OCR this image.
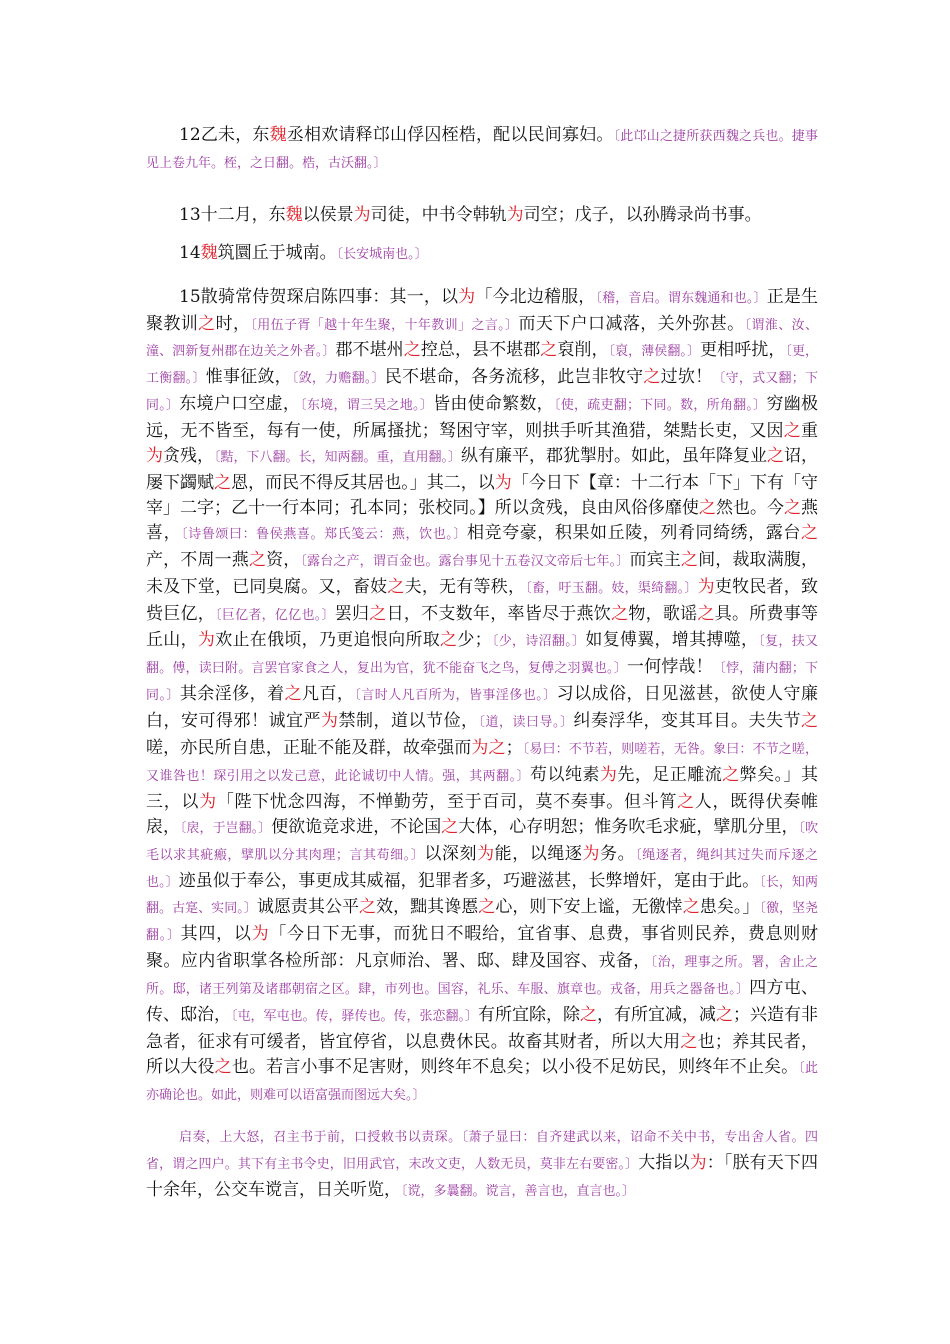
12乙未，东魏丞相欢请释邙山俘囚桎梏，配以民间寡妇。〔此邙山之捷所获西魏之兵也。捷事见上卷九年。桎，之日翻。梏，古沃翻。〕

13十二月，东魏以侯景为司徒，中书令韩轨为司空；戊子，以孙腾录尚书事。

14魏筑圜丘于城南。〔长安城南也。〕

15散骑常侍贺琛启陈四事：其一，以为「今北边稽服，〔稽，音启。谓东魏通和也。〕正是生聚教训之时，〔用伍子胥「越十年生聚，十年教训」之言。〕而天下户口减落，关外弥甚。〔谓淮、汝、潼、泗新复州郡在边关之外者。〕郡不堪州之控总，县不堪郡之裒削，〔裒，薄侯翻。〕更相呼扰，〔更，工衡翻。〕惟事征敛，〔敛，力赡翻。〕民不堪命，各务流移，此岂非牧守之过欤！〔守，式又翻；下同。〕东境户口空虚，〔东境，谓三吴之地。〕皆由使命繁数，〔使，疏吏翻；下同。数，所角翻。〕穷幽极远，无不皆至，每有一使，所属搔扰；驽困守宰，则拱手听其渔猎，桀黠长吏，又因之重为贪残，〔黠，下八翻。长，知两翻。重，直用翻。〕纵有廉平，郡犹掣肘。如此，虽年降复业之诏，屡下蠲赋之恩，而民不得反其居也。」其二，以为「今日下【章：十二行本「下」下有「守宰」二字；乙十一行本同；孔本同；张校同。】所以贪残，良由风俗侈靡使之然也。今之燕喜，〔诗鲁颂曰：鲁侯燕喜。郑氏笺云：燕，饮也。〕相竞夸豪，积果如丘陵，列肴同绮绣，露台之产，不周一燕之资，〔露台之产，谓百金也。露台事见十五卷汉文帝后七年。〕而宾主之间，裁取满腹，未及下堂，已同臭腐。又，畜妓之夫，无有等秩，〔畜，吁玉翻。妓，渠绮翻。〕为吏牧民者，致赀巨亿，〔巨亿者，亿亿也。〕罢归之日，不支数年，率皆尽于燕饮之物，歌谣之具。所费事等丘山，为欢止在俄顷，乃更追恨向所取之少；〔少，诗沼翻。〕如复傅翼，增其搏噬，〔复，扶又翻。傅，读曰附。言罢官家食之人，复出为官，犹不能奋飞之鸟，复傅之羽翼也。〕一何悖哉！〔悖，蒲内翻；下同。〕其余淫侈，着之凡百，〔言时人凡百所为，皆事淫侈也。〕习以成俗，日见滋甚，欲使人守廉白，安可得邪！诚宜严为禁制，道以节俭，〔道，读曰导。〕纠奏浮华，变其耳目。夫失节之嗟，亦民所自患，正耻不能及群，故牵强而为之；〔易曰：不节若，则嗟若，无咎。象曰：不节之嗟，又谁咎也！琛引用之以发己意，此论诚切中人情。强，其两翻。〕苟以纯素为先，足正雕流之弊矣。」其三，以为「陛下忧念四海，不惮勤劳，至于百司，莫不奏事。但斗筲之人，既得伏奏帷扆，〔扆，于岂翻。〕便欲诡竞求进，不论国之大体，心存明恕；惟务吹毛求疵，擘肌分里，〔吹毛以求其疵瘢，擘肌以分其肉理；言其苟细。〕以深刻为能，以绳逐为务。〔绳逐者，绳纠其过失而斥逐之也。〕迹虽似于奉公，事更成其威福，犯罪者多，巧避滋甚，长弊增奸，寔由于此。〔长，知两翻。古寔、实同。〕诚愿责其公平之效，黜其谗慝之心，则下安上谧，无徼悻之患矣。」〔徼，坚尧翻。〕其四，以为「今日下无事，而犹日不暇给，宜省事、息费，事省则民养，费息则财聚。应内省职掌各检所部：凡京师治、署、邸、肆及国容、戎备，〔治，理事之所。署，舍止之所。邸，诸王列第及诸郡朝宿之区。肆，市列也。国容，礼乐、车服、旗章也。戎备，用兵之器备也。〕四方屯、传、邸治，〔屯，军屯也。传，驿传也。传，张恋翻。〕有所宜除，除之，有所宜减，减之；兴造有非急者，征求有可缓者，皆宜停省，以息费休民。故畜其财者，所以大用之也；养其民者，所以大役之也。若言小事不足害财，则终年不息矣；以小役不足妨民，则终年不止矣。〔此亦确论也。如此，则难可以语富强而图远大矣。〕

启奏，上大怒，召主书于前，口授敕书以责琛。〔萧子显曰：自齐建武以来，诏命不关中书，专出舍人省。四省，谓之四户。其下有主书令史，旧用武官，末改文吏，人数无员，莫非左右要密。〕大指以为：「朕有天下四十余年，公交车谠言，日关听览，〔谠，多曩翻。谠言，善言也，直言也。〕
